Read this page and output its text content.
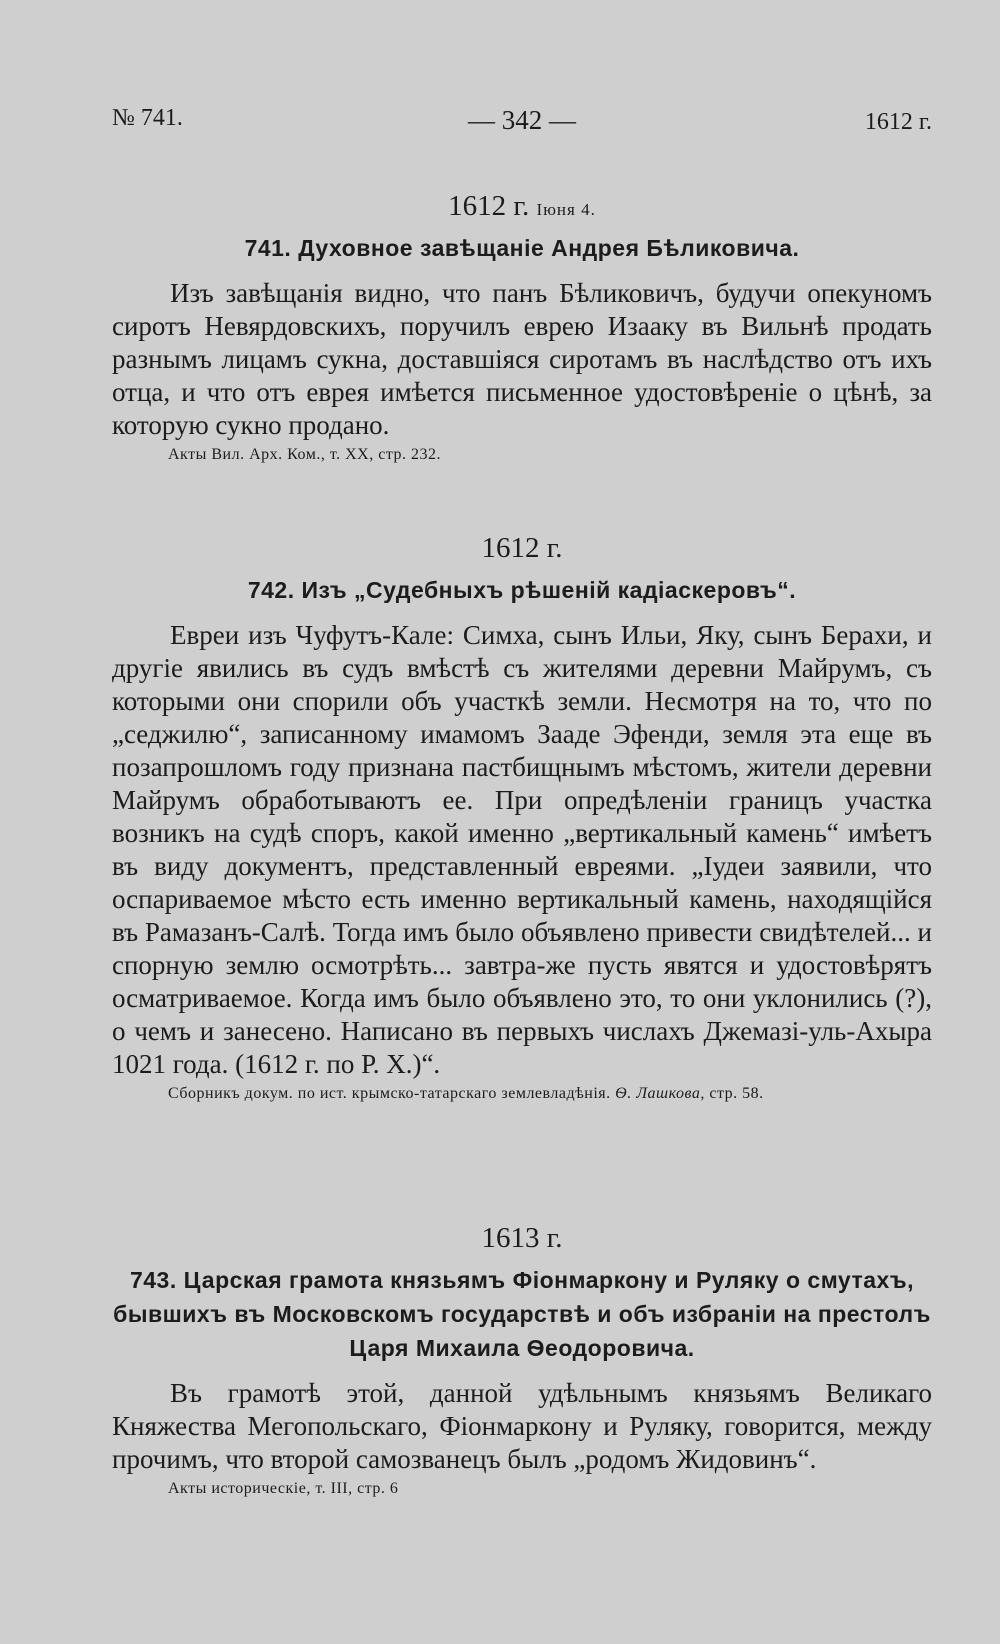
№ 741.	— 342 —	1612 г.

1612 г. Іюня 4.

741. Духовное завѣщаніе Андрея Бѣликовича.

Изъ завѣщанія видно, что панъ Бѣликовичъ, будучи опекуномъ сиротъ Невярдовскихъ, поручилъ еврею Изааку въ Вильнѣ продать разнымъ лицамъ сукна, доставшіяся сиротамъ въ наслѣдство отъ ихъ отца, и что отъ еврея имѣется письменное удостовѣреніе о цѣнѣ, за которую сукно продано.

Акты Вил. Арх. Ком., т. XX, стр. 232.

1612 г.

742. Изъ „Судебныхъ рѣшеній кадіаскеровъ“.

Евреи изъ Чуфутъ-Кале: Симха, сынъ Ильи, Яку, сынъ Берахи, и другіе явились въ судъ вмѣстѣ съ жителями деревни Майрумъ, съ которыми они спорили объ участкѣ земли. Несмотря на то, что по „седжилю“, записанному имамомъ Зааде Эфенди, земля эта еще въ позапрошломъ году признана пастбищнымъ мѣстомъ, жители деревни Майрумъ обработываютъ ее. При опредѣленіи границъ участка возникъ на судѣ споръ, какой именно „вертикальный камень“ имѣетъ въ виду документъ, представленный евреями. „Іудеи заявили, что оспариваемое мѣсто есть именно вертикальный камень, находящійся въ Рамазанъ-Салѣ. Тогда имъ было объявлено привести свидѣтелей... и спорную землю осмотрѣть... завтра-же пусть явятся и удостовѣрятъ осматриваемое. Когда имъ было объявлено это, то они уклонились (?), о чемъ и занесено. Написано въ первыхъ числахъ Джемазі-уль-Ахыра 1021 года. (1612 г. по Р. Х.)“.

Сборникъ докум. по ист. крымско-татарскаго землевладѣнія. Ѳ. Лашкова, стр. 58.

1613 г.

743. Царская грамота князьямъ Фіонмаркону и Руляку о смутахъ, бывшихъ въ Московскомъ государствѣ и объ избраніи на престолъ Царя Михаила Ѳеодоровича.

Въ грамотѣ этой, данной удѣльнымъ князьямъ Великаго Княжества Мегопольскаго, Фіонмаркону и Руляку, говорится, между прочимъ, что второй самозванецъ былъ „родомъ Жидовинъ“.

Акты историческіе, т. III, стр. 6
